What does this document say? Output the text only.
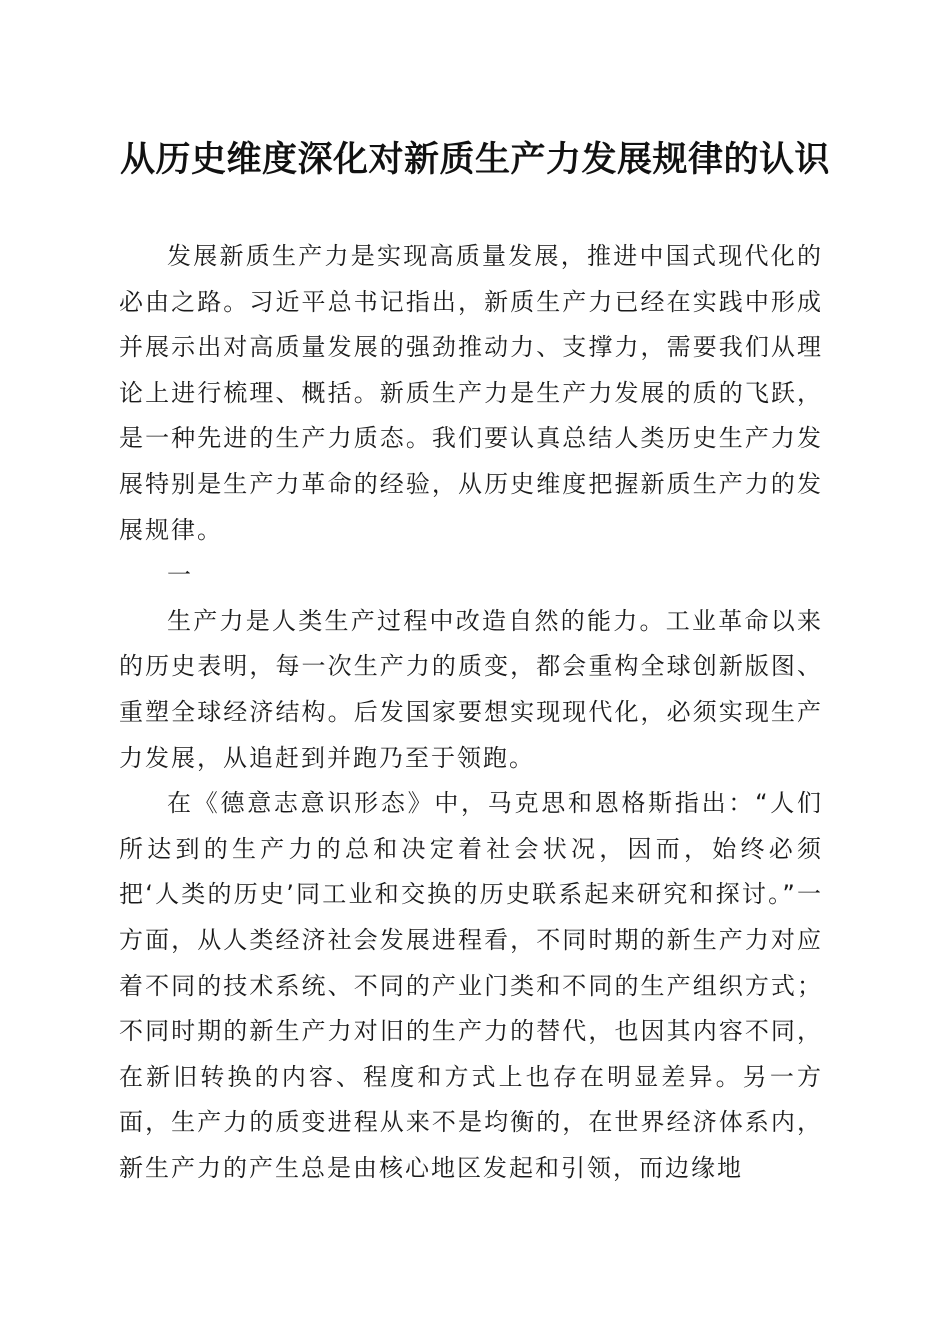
从历史维度深化对新质生产力发展规律的认识

发展新质生产力是实现高质量发展，推进中国式现代化的必由之路。习近平总书记指出，新质生产力已经在实践中形成并展示出对高质量发展的强劲推动力、支撑力，需要我们从理论上进行梳理、概括。新质生产力是生产力发展的质的飞跃，是一种先进的生产力质态。我们要认真总结人类历史生产力发展特别是生产力革命的经验，从历史维度把握新质生产力的发展规律。

一

生产力是人类生产过程中改造自然的能力。工业革命以来的历史表明，每一次生产力的质变，都会重构全球创新版图、重塑全球经济结构。后发国家要想实现现代化，必须实现生产力发展，从追赶到并跑乃至于领跑。

在《德意志意识形态》中，马克思和恩格斯指出：“人们所达到的生产力的总和决定着社会状况，因而，始终必须把‘人类的历史’同工业和交换的历史联系起来研究和探讨。”一方面，从人类经济社会发展进程看，不同时期的新生产力对应着不同的技术系统、不同的产业门类和不同的生产组织方式；不同时期的新生产力对旧的生产力的替代，也因其内容不同，在新旧转换的内容、程度和方式上也存在明显差异。另一方面，生产力的质变进程从来不是均衡的，在世界经济体系内，新生产力的产生总是由核心地区发起和引领，而边缘地
